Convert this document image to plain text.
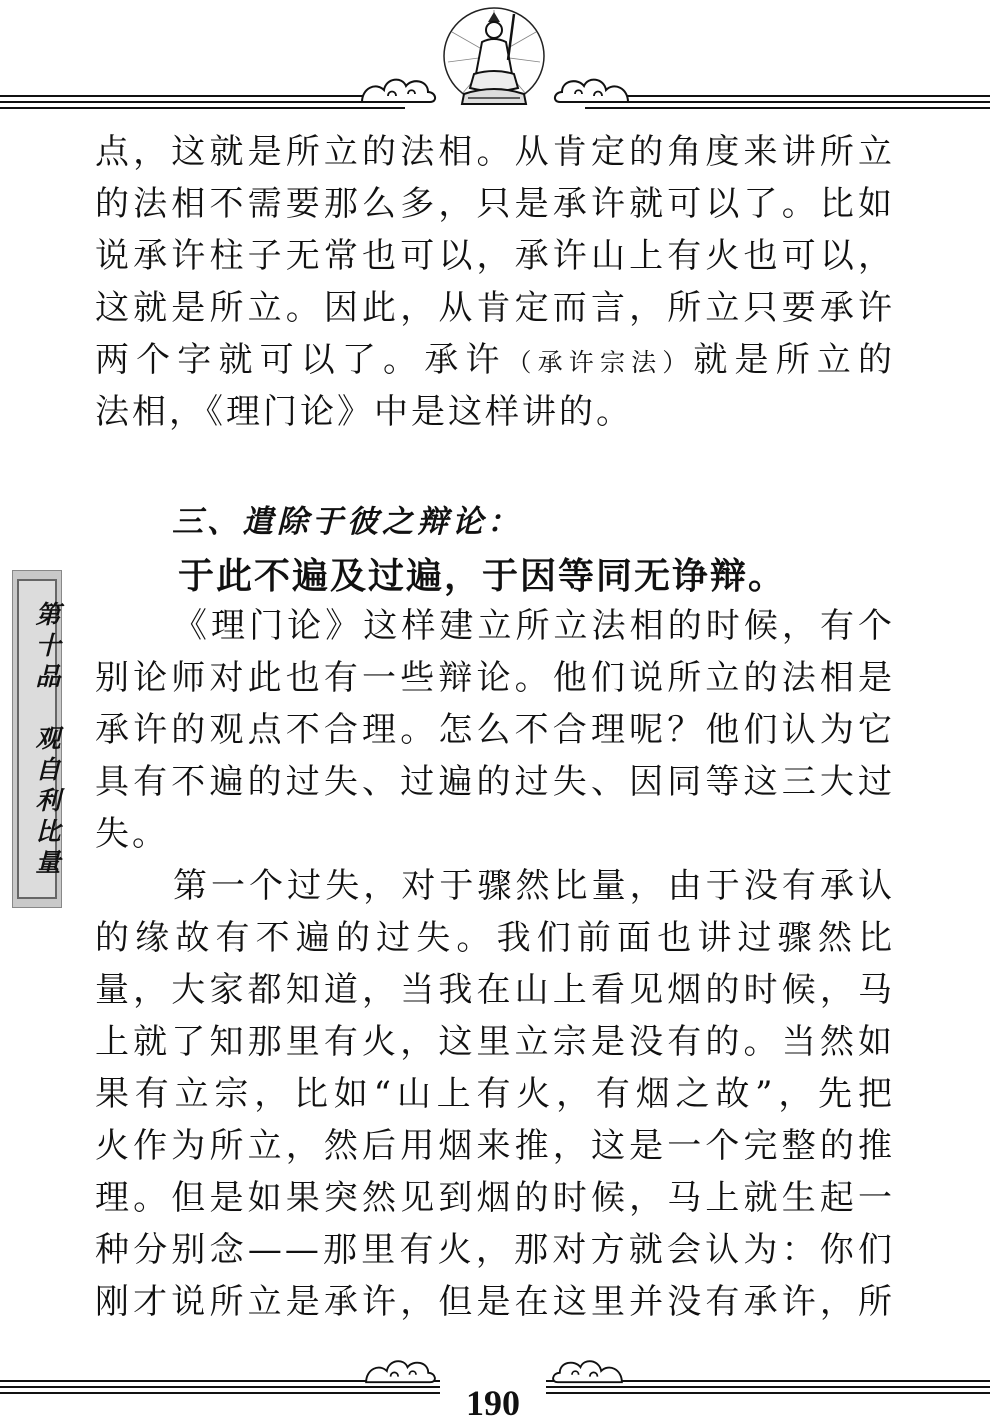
第十品　观自利比量
点，这就是所立的法相。从肯定的角度来讲所立
的法相不需要那么多，只是承许就可以了。比如
说承许柱子无常也可以，承许山上有火也可以，
这就是所立。因此，从肯定而言，所立只要承许
两个字就可以了。承许（承许宗法）就是所立的
法相，《理门论》中是这样讲的。
三、遣除于彼之辩论：

于此不遍及过遍，于因等同无诤辩。

《理门论》这样建立所立法相的时候，有个
别论师对此也有一些辩论。他们说所立的法相是
承许的观点不合理。怎么不合理呢？他们认为它
具有不遍的过失、过遍的过失、因同等这三大过
失。
第一个过失，对于骤然比量，由于没有承认
的缘故有不遍的过失。我们前面也讲过骤然比
量，大家都知道，当我在山上看见烟的时候，马
上就了知那里有火，这里立宗是没有的。当然如
果有立宗，比如“山上有火，有烟之故”，先把
火作为所立，然后用烟来推，这是一个完整的推
理。但是如果突然见到烟的时候，马上就生起一
种分别念——那里有火，那对方就会认为：你们
刚才说所立是承许，但是在这里并没有承许，所
190
